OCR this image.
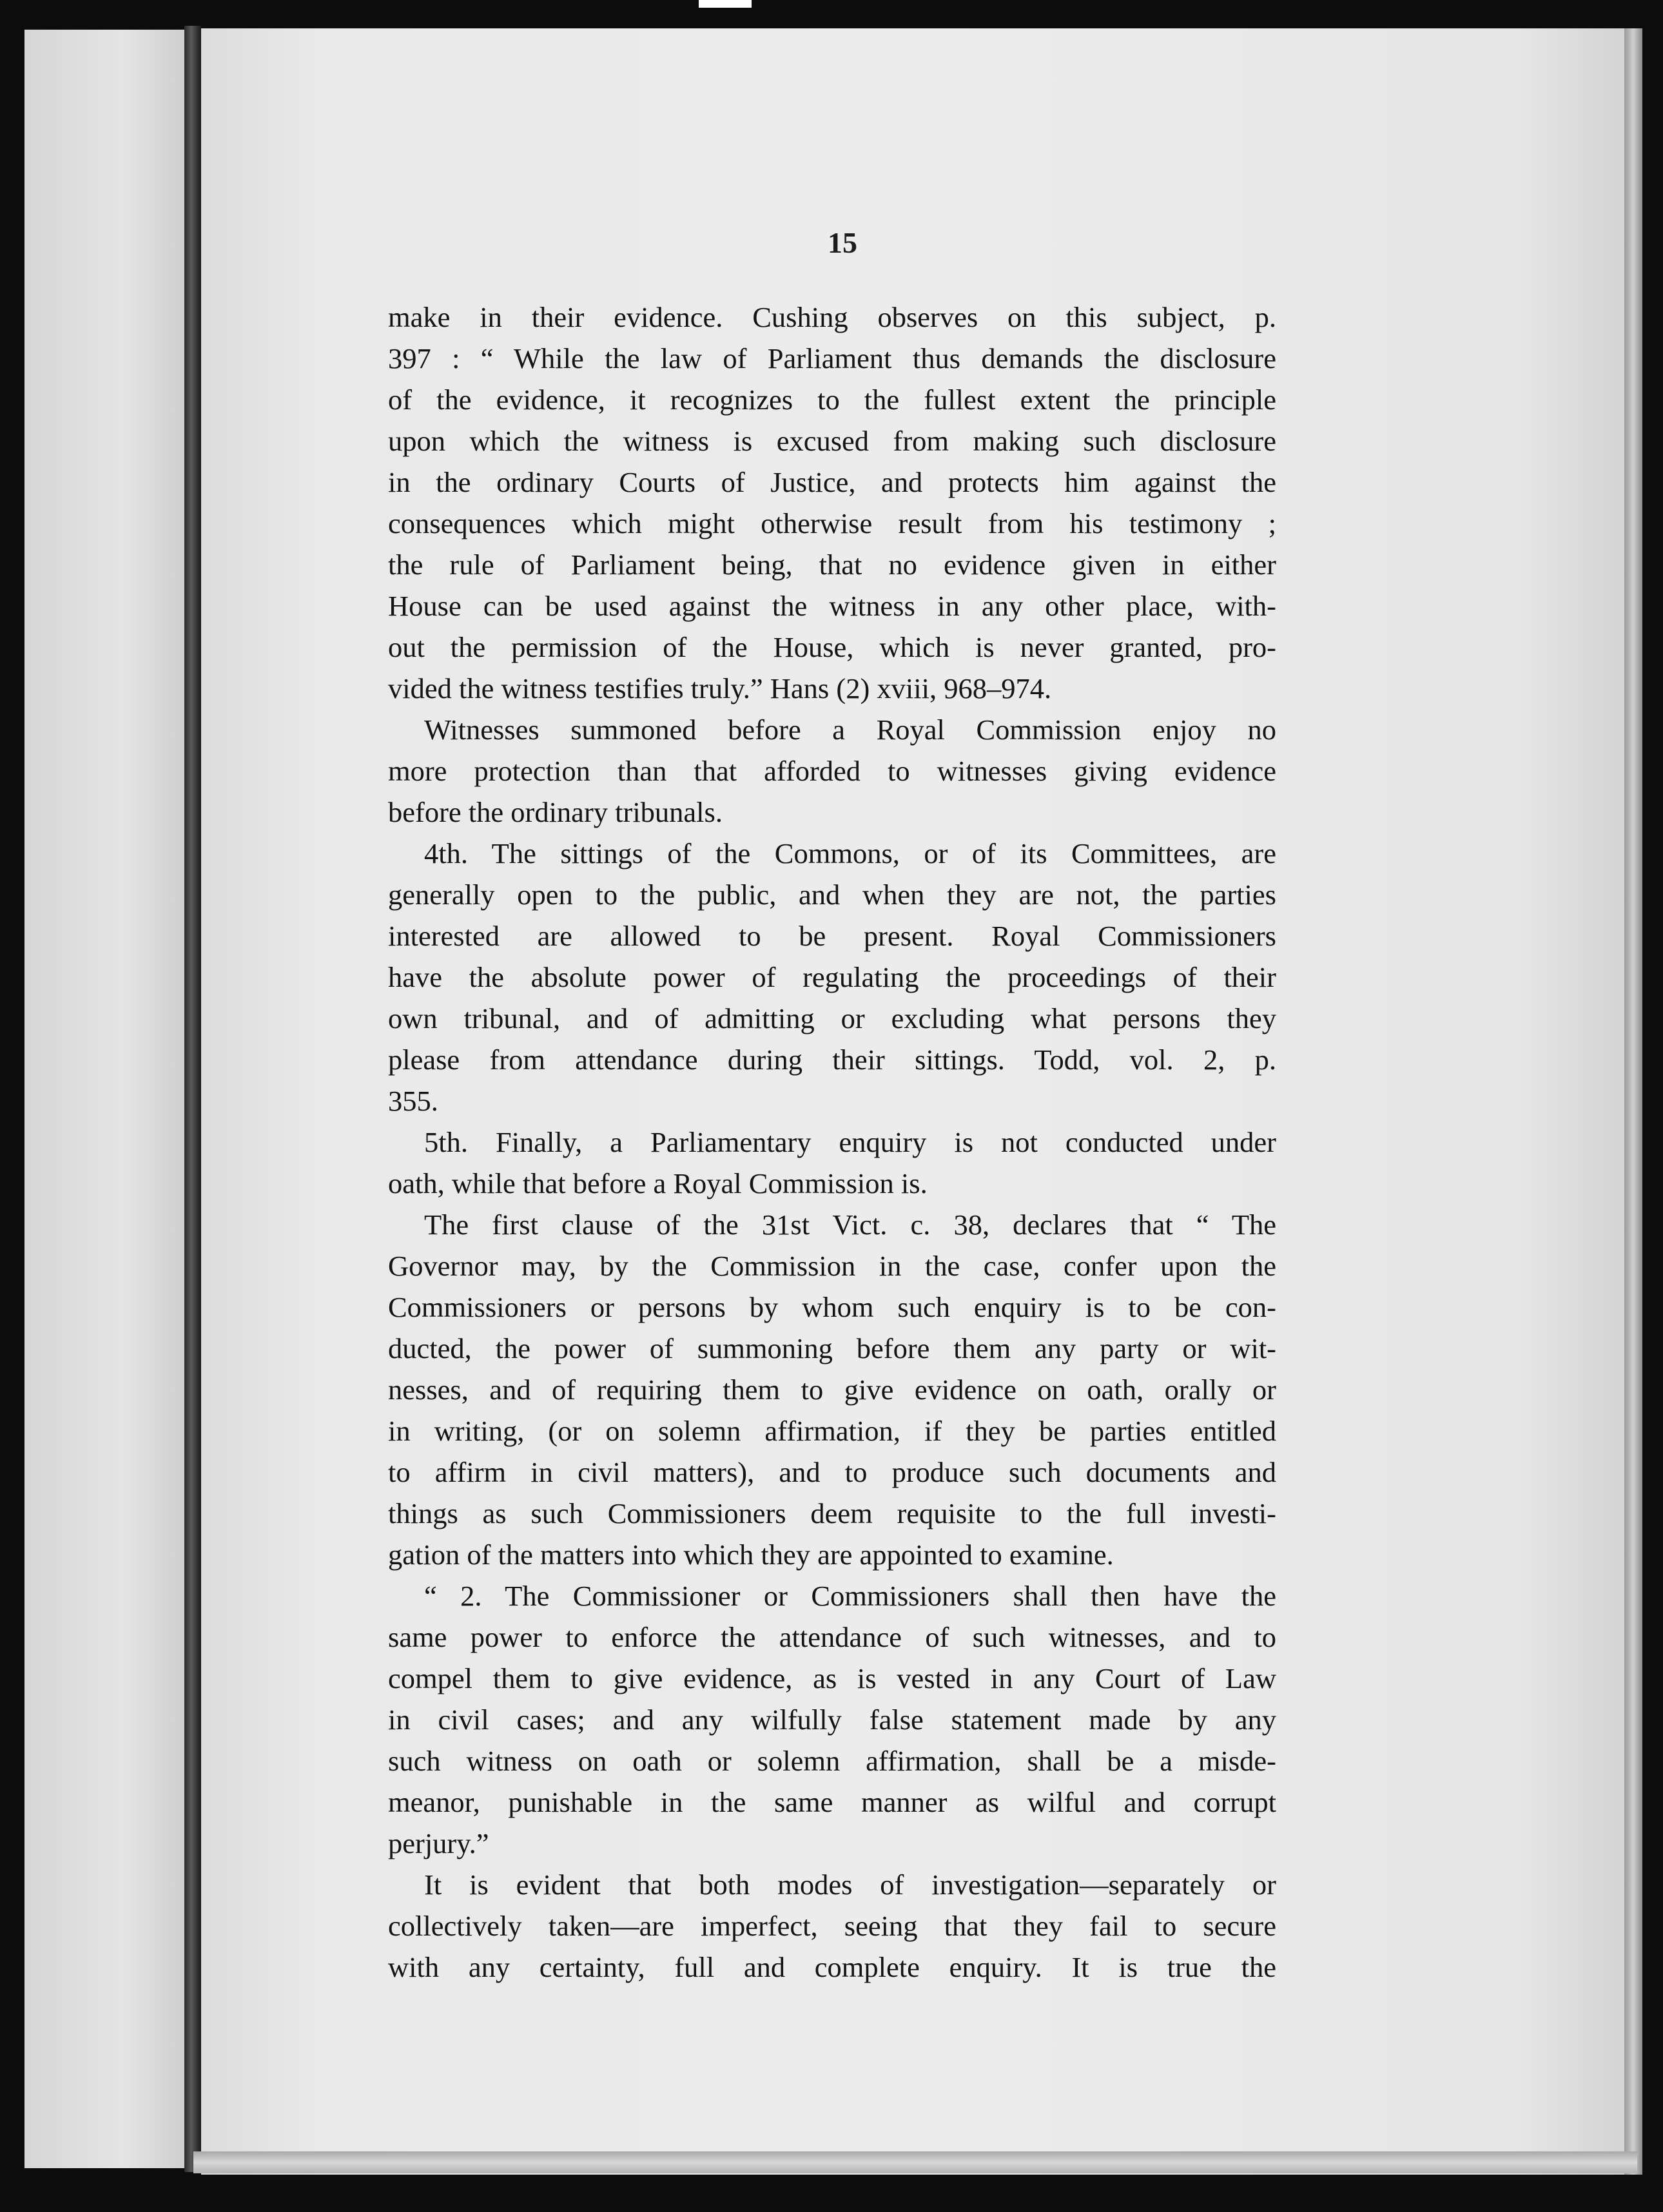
15
make in their evidence. Cushing observes on this subject, p.
397 : “ While the law of Parliament thus demands the disclosure
of the evidence, it recognizes to the fullest extent the principle
upon which the witness is excused from making such disclosure
in the ordinary Courts of Justice, and protects him against the
consequences which might otherwise result from his testimony ;
the rule of Parliament being, that no evidence given in either
House can be used against the witness in any other place, with-
out the permission of the House, which is never granted, pro-
vided the witness testifies truly.” Hans (2) xviii, 968–974.
Witnesses summoned before a Royal Commission enjoy no
more protection than that afforded to witnesses giving evidence
before the ordinary tribunals.
4th. The sittings of the Commons, or of its Committees, are
generally open to the public, and when they are not, the parties
interested are allowed to be present. Royal Commissioners
have the absolute power of regulating the proceedings of their
own tribunal, and of admitting or excluding what persons they
please from attendance during their sittings. Todd, vol. 2, p.
355.
5th. Finally, a Parliamentary enquiry is not conducted under
oath, while that before a Royal Commission is.
The first clause of the 31st Vict. c. 38, declares that “ The
Governor may, by the Commission in the case, confer upon the
Commissioners or persons by whom such enquiry is to be con-
ducted, the power of summoning before them any party or wit-
nesses, and of requiring them to give evidence on oath, orally or
in writing, (or on solemn affirmation, if they be parties entitled
to affirm in civil matters), and to produce such documents and
things as such Commissioners deem requisite to the full investi-
gation of the matters into which they are appointed to examine.
“ 2. The Commissioner or Commissioners shall then have the
same power to enforce the attendance of such witnesses, and to
compel them to give evidence, as is vested in any Court of Law
in civil cases; and any wilfully false statement made by any
such witness on oath or solemn affirmation, shall be a misde-
meanor, punishable in the same manner as wilful and corrupt
perjury.”
It is evident that both modes of investigation—separately or
collectively taken—are imperfect, seeing that they fail to secure
with any certainty, full and complete enquiry. It is true the
